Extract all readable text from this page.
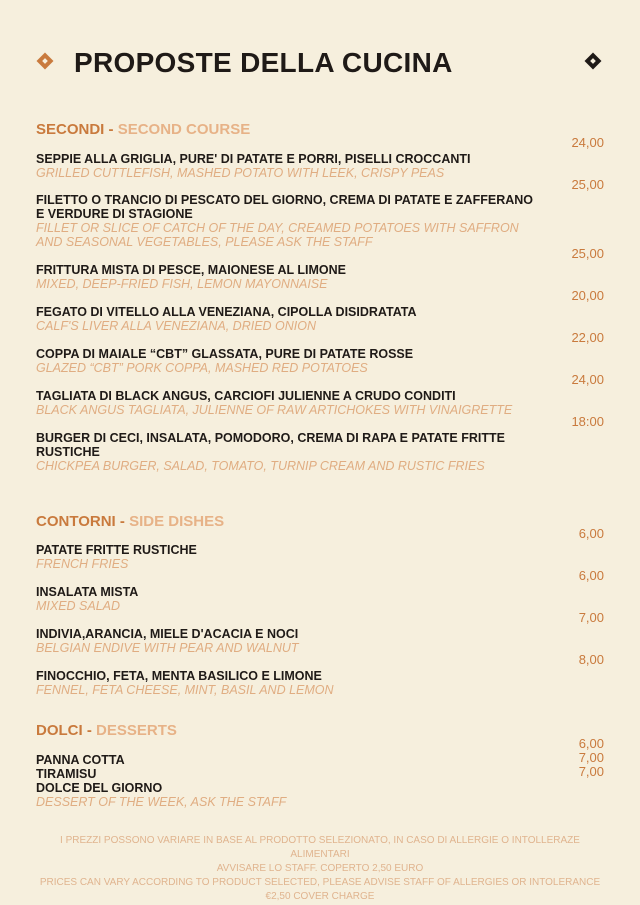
PROPOSTE DELLA CUCINA
SECONDI - SECOND COURSE
24,00
SEPPIE ALLA GRIGLIA, PURE' DI PATATE E PORRI, PISELLI CROCCANTI
GRILLED CUTTLEFISH, MASHED POTATO WITH LEEK, CRISPY PEAS
25,00
FILETTO O TRANCIO DI PESCATO DEL GIORNO, CREMA DI PATATE E ZAFFERANO E VERDURE DI STAGIONE
FILLET OR SLICE OF CATCH OF THE DAY, CREAMED POTATOES WITH SAFFRON AND SEASONAL VEGETABLES, PLEASE ASK THE STAFF
25,00
FRITTURA MISTA DI PESCE, MAIONESE AL LIMONE
MIXED, DEEP-FRIED FISH, LEMON MAYONNAISE
20,00
FEGATO DI VITELLO ALLA VENEZIANA, CIPOLLA DISIDRATATA
CALF'S LIVER ALLA VENEZIANA, DRIED ONION
22,00
COPPA DI MAIALE “CBT” GLASSATA, PURE DI PATATE ROSSE
GLAZED “CBT” PORK COPPA, MASHED RED POTATOES
24,00
TAGLIATA DI BLACK ANGUS, CARCIOFI JULIENNE A CRUDO CONDITI
BLACK ANGUS TAGLIATA, JULIENNE OF RAW ARTICHOKES WITH VINAIGRETTE
18:00
BURGER DI CECI, INSALATA, POMODORO, CREMA DI RAPA E PATATE FRITTE RUSTICHE
CHICKPEA BURGER, SALAD, TOMATO, TURNIP CREAM AND RUSTIC FRIES
CONTORNI - SIDE DISHES
6,00
PATATE FRITTE RUSTICHE
FRENCH FRIES
6,00
INSALATA MISTA
MIXED SALAD
7,00
INDIVIA,ARANCIA, MIELE D'ACACIA E NOCI
BELGIAN ENDIVE WITH PEAR AND WALNUT
8,00
FINOCCHIO, FETA, MENTA BASILICO E LIMONE
FENNEL, FETA CHEESE, MINT, BASIL AND LEMON
DOLCI - DESSERTS
6,00
7,00
7,00
PANNA COTTA
TIRAMISU
DOLCE DEL GIORNO
DESSERT OF THE WEEK, ASK THE STAFF
I PREZZI POSSONO VARIARE IN BASE AL PRODOTTO SELEZIONATO, IN CASO DI ALLERGIE O INTOLLERAZE ALIMENTARI
AVVISARE LO STAFF. COPERTO 2,50 EURO
PRICES CAN VARY ACCORDING TO PRODUCT SELECTED, PLEASE ADVISE STAFF OF ALLERGIES OR INTOLERANCE
€2,50 COVER CHARGE
